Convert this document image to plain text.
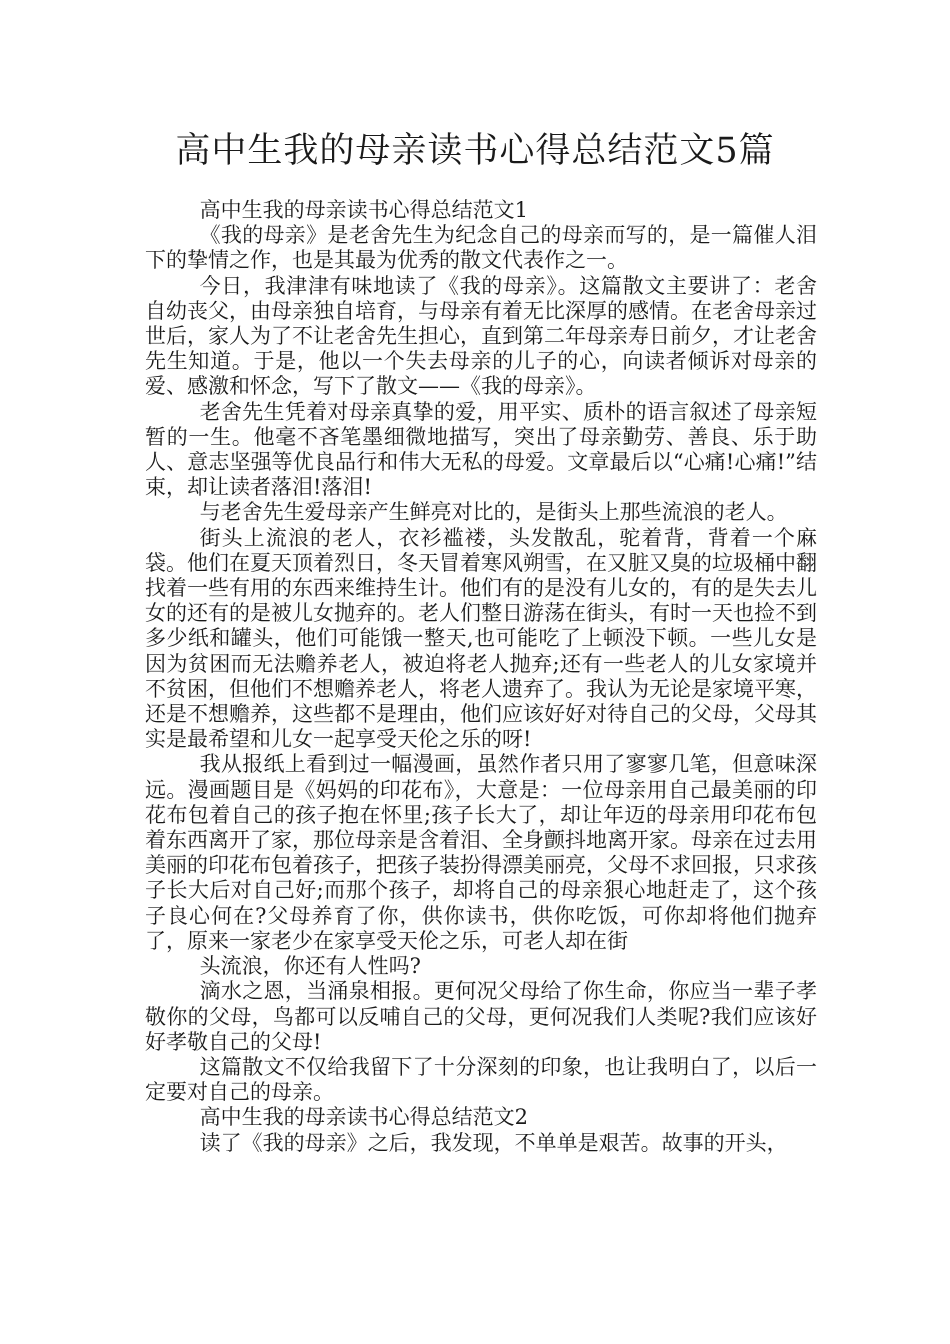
高中生我的母亲读书心得总结范文5篇

高中生我的母亲读书心得总结范文1

《我的母亲》是老舍先生为纪念自己的母亲而写的，是一篇催人泪下的挚情之作，也是其最为优秀的散文代表作之一。

今日，我津津有味地读了《我的母亲》。这篇散文主要讲了：老舍自幼丧父，由母亲独自培育，与母亲有着无比深厚的感情。在老舍母亲过世后，家人为了不让老舍先生担心，直到第二年母亲寿日前夕，才让老舍先生知道。于是，他以一个失去母亲的儿子的心，向读者倾诉对母亲的爱、感激和怀念，写下了散文——《我的母亲》。

老舍先生凭着对母亲真挚的爱，用平实、质朴的语言叙述了母亲短暂的一生。他毫不吝笔墨细微地描写，突出了母亲勤劳、善良、乐于助人、意志坚强等优良品行和伟大无私的母爱。文章最后以“心痛!心痛!”结束，却让读者落泪!落泪!

与老舍先生爱母亲产生鲜亮对比的，是街头上那些流浪的老人。

街头上流浪的老人，衣衫褴褛，头发散乱，驼着背，背着一个麻袋。他们在夏天顶着烈日，冬天冒着寒风朔雪，在又脏又臭的垃圾桶中翻找着一些有用的东西来维持生计。他们有的是没有儿女的，有的是失去儿女的还有的是被儿女抛弃的。老人们整日游荡在街头，有时一天也捡不到多少纸和罐头，他们可能饿一整天,也可能吃了上顿没下顿。一些儿女是因为贫困而无法赡养老人，被迫将老人抛弃;还有一些老人的儿女家境并不贫困，但他们不想赡养老人，将老人遗弃了。我认为无论是家境平寒，还是不想赡养，这些都不是理由，他们应该好好对待自己的父母，父母其实是最希望和儿女一起享受天伦之乐的呀!

我从报纸上看到过一幅漫画，虽然作者只用了寥寥几笔，但意味深远。漫画题目是《妈妈的印花布》，大意是：一位母亲用自己最美丽的印花布包着自己的孩子抱在怀里;孩子长大了，却让年迈的母亲用印花布包着东西离开了家，那位母亲是含着泪、全身颤抖地离开家。母亲在过去用美丽的印花布包着孩子，把孩子装扮得漂美丽亮，父母不求回报，只求孩子长大后对自己好;而那个孩子，却将自己的母亲狠心地赶走了，这个孩子良心何在?父母养育了你，供你读书，供你吃饭，可你却将他们抛弃了，原来一家老少在家享受天伦之乐，可老人却在街

头流浪，你还有人性吗?

滴水之恩，当涌泉相报。更何况父母给了你生命，你应当一辈子孝敬你的父母，鸟都可以反哺自己的父母，更何况我们人类呢?我们应该好好孝敬自己的父母!

这篇散文不仅给我留下了十分深刻的印象，也让我明白了，以后一定要对自己的母亲。

高中生我的母亲读书心得总结范文2

读了《我的母亲》之后，我发现，不单单是艰苦。故事的开头，
